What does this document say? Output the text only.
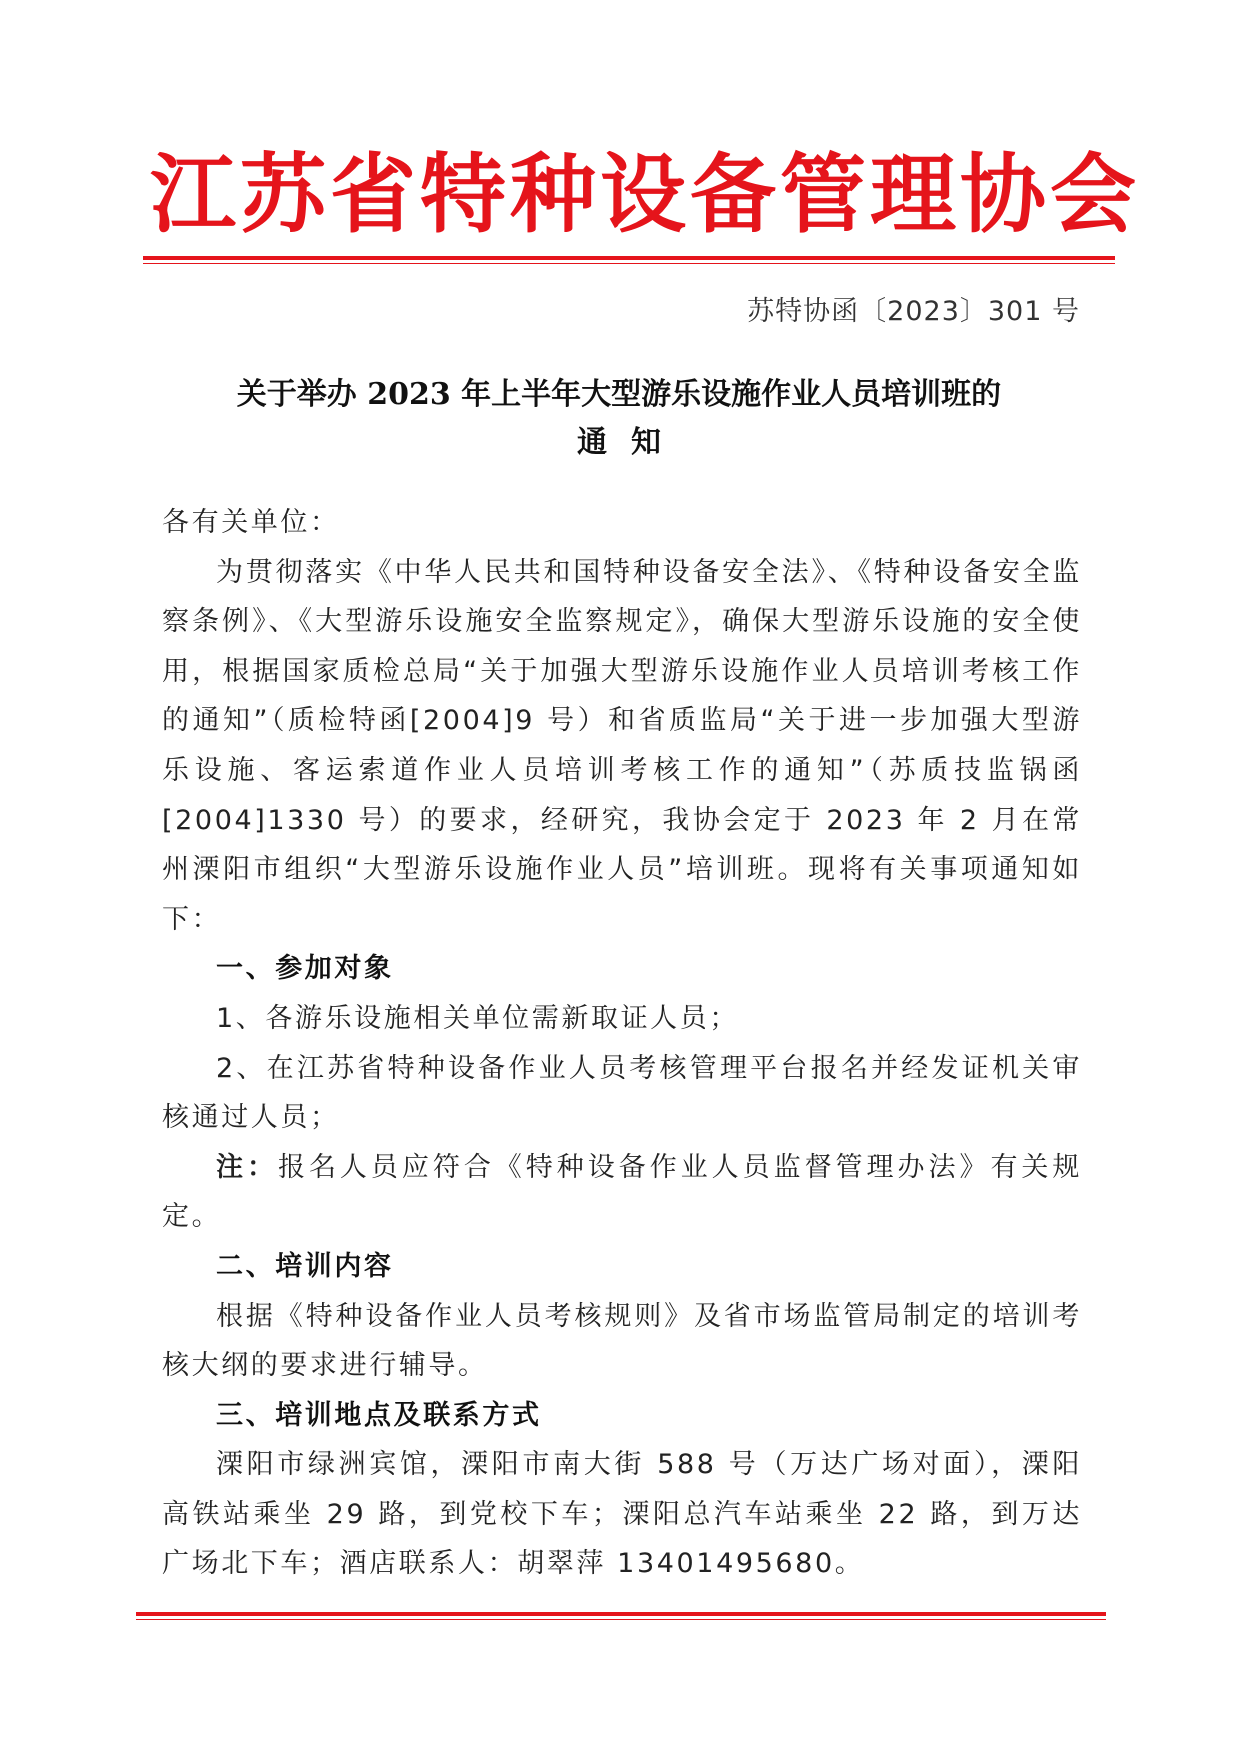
江苏省特种设备管理协会
苏特协函〔2023〕301 号
关于举办 2023 年上半年大型游乐设施作业人员培训班的
通知

各有关单位：

为贯彻落实《中华人民共和国特种设备安全法》、《特种设备安全监察条例》、《大型游乐设施安全监察规定》，确保大型游乐设施的安全使用，根据国家质检总局“关于加强大型游乐设施作业人员培训考核工作的通知”（质检特函[2004]9 号）和省质监局“关于进一步加强大型游乐设施、客运索道作业人员培训考核工作的通知”（苏质技监锅函[2004]1330 号）的要求，经研究，我协会定于 2023 年 2 月在常州溧阳市组织“大型游乐设施作业人员”培训班。现将有关事项通知如下：

一、参加对象

1、各游乐设施相关单位需新取证人员；

2、在江苏省特种设备作业人员考核管理平台报名并经发证机关审核通过人员；

注：报名人员应符合《特种设备作业人员监督管理办法》有关规定。

二、培训内容

根据《特种设备作业人员考核规则》及省市场监管局制定的培训考核大纲的要求进行辅导。

三、培训地点及联系方式

溧阳市绿洲宾馆，溧阳市南大街 588 号（万达广场对面），溧阳高铁站乘坐 29 路，到党校下车；溧阳总汽车站乘坐 22 路，到万达广场北下车；酒店联系人：胡翠萍 13401495680。
